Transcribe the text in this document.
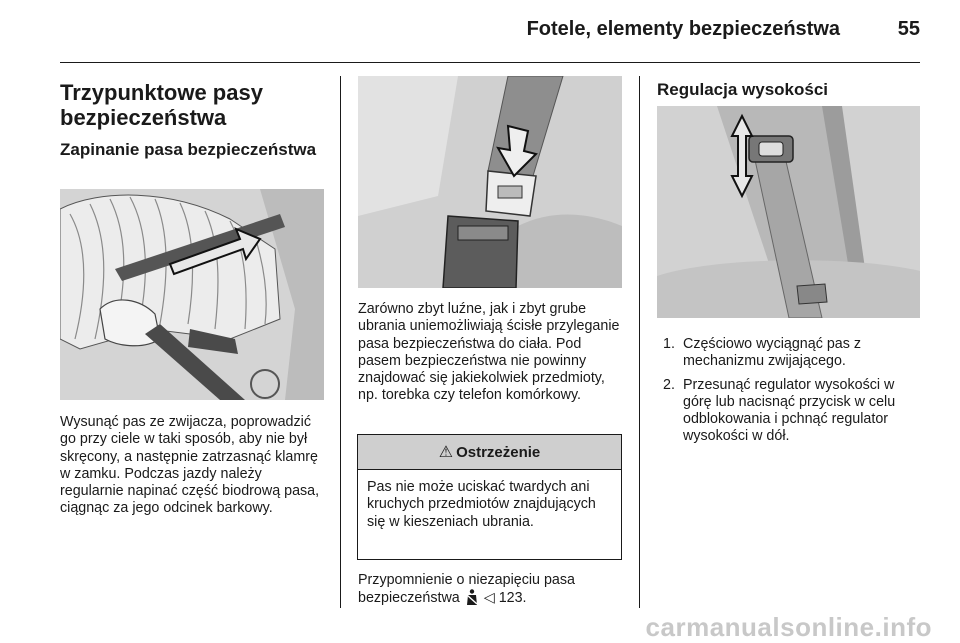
Fotele, elementy bezpieczeństwa	55
Trzypunktowe pasy bezpieczeństwa
Zapinanie pasa bezpieczeństwa

Wysunąć pas ze zwijacza, poprowadzić go przy ciele w taki sposób, aby nie był skręcony, a następnie zatrzasnąć klamrę w zamku. Podczas jazdy należy regularnie napinać część biodrową pasa, ciągnąc za jego odcinek barkowy.

Zarówno zbyt luźne, jak i zbyt grube ubrania uniemożliwiają ścisłe przyleganie pasa bezpieczeństwa do ciała. Pod pasem bezpieczeństwa nie powinny znajdować się jakiekolwiek przedmioty, np. torebka czy telefon komórkowy.

⚠ Ostrzeżenie
Pas nie może uciskać twardych ani kruchych przedmiotów znajdujących się w kieszeniach ubrania.

Przypomnienie o niezapięciu pasa bezpieczeństwa ◁ 123.

Regulacja wysokości
1. Częściowo wyciągnąć pas z mechanizmu zwijającego.
2. Przesunąć regulator wysokości w górę lub nacisnąć przycisk w celu odblokowania i pchnąć regulator wysokości w dół.
carmanualsonline.info
